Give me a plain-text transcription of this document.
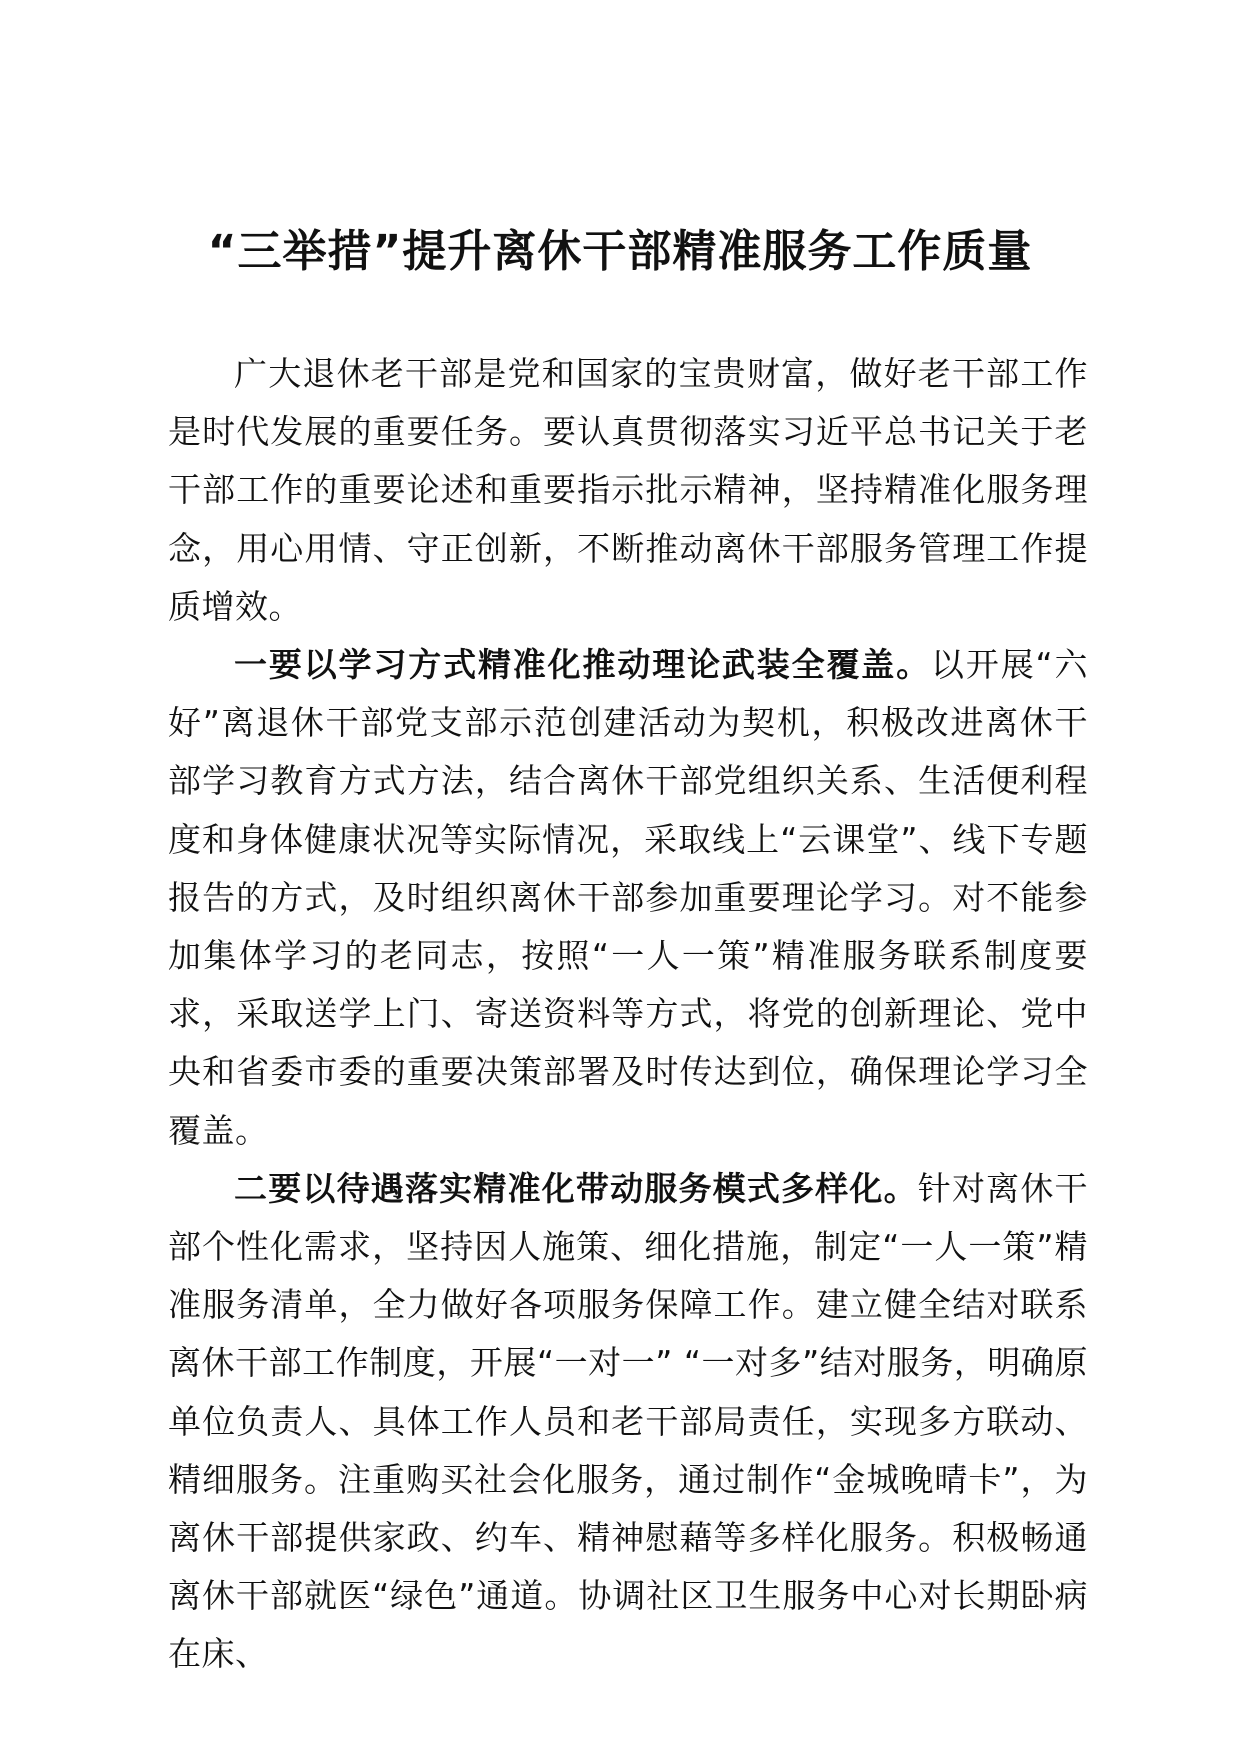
“三举措”提升离休干部精准服务工作质量

广大退休老干部是党和国家的宝贵财富，做好老干部工作是时代发展的重要任务。要认真贯彻落实习近平总书记关于老干部工作的重要论述和重要指示批示精神，坚持精准化服务理念，用心用情、守正创新，不断推动离休干部服务管理工作提质增效。

一要以学习方式精准化推动理论武装全覆盖。以开展“六好”离退休干部党支部示范创建活动为契机，积极改进离休干部学习教育方式方法，结合离休干部党组织关系、生活便利程度和身体健康状况等实际情况，采取线上“云课堂”、线下专题报告的方式，及时组织离休干部参加重要理论学习。对不能参加集体学习的老同志，按照“一人一策”精准服务联系制度要求，采取送学上门、寄送资料等方式，将党的创新理论、党中央和省委市委的重要决策部署及时传达到位，确保理论学习全覆盖。

二要以待遇落实精准化带动服务模式多样化。针对离休干部个性化需求，坚持因人施策、细化措施，制定“一人一策”精准服务清单，全力做好各项服务保障工作。建立健全结对联系离休干部工作制度，开展“一对一” “一对多”结对服务，明确原单位负责人、具体工作人员和老干部局责任，实现多方联动、精细服务。注重购买社会化服务，通过制作“金城晚晴卡”，为离休干部提供家政、约车、精神慰藉等多样化服务。积极畅通离休干部就医“绿色”通道。协调社区卫生服务中心对长期卧病在床、
